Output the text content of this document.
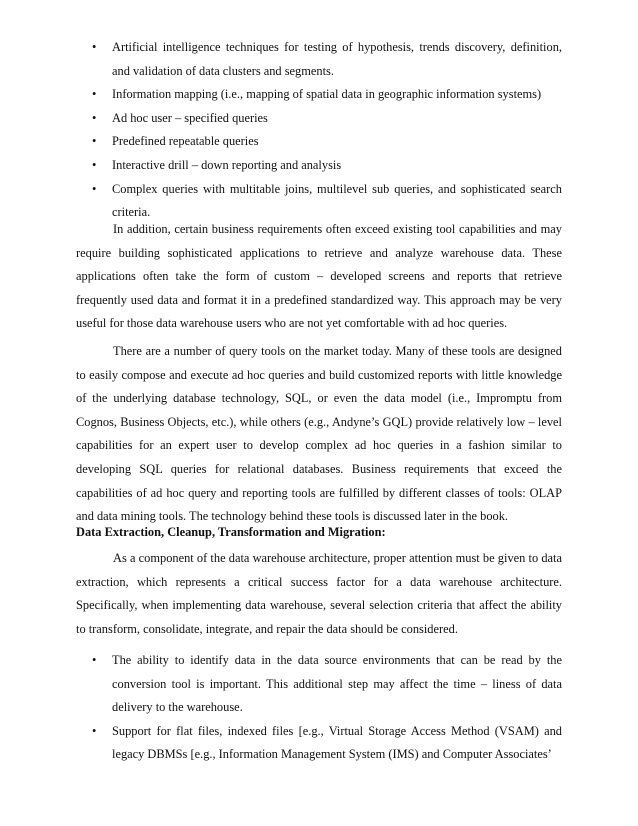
• Artificial intelligence techniques for testing of hypothesis, trends discovery, definition, and validation of data clusters and segments.
• Information mapping (i.e., mapping of spatial data in geographic information systems)
• Ad hoc user – specified queries
• Predefined repeatable queries
• Interactive drill – down reporting and analysis
• Complex queries with multitable joins, multilevel sub queries, and sophisticated search criteria.

In addition, certain business requirements often exceed existing tool capabilities and may require building sophisticated applications to retrieve and analyze warehouse data. These applications often take the form of custom – developed screens and reports that retrieve frequently used data and format it in a predefined standardized way. This approach may be very useful for those data warehouse users who are not yet comfortable with ad hoc queries.

There are a number of query tools on the market today. Many of these tools are designed to easily compose and execute ad hoc queries and build customized reports with little knowledge of the underlying database technology, SQL, or even the data model (i.e., Impromptu from Cognos, Business Objects, etc.), while others (e.g., Andyne’s GQL) provide relatively low – level capabilities for an expert user to develop complex ad hoc queries in a fashion similar to developing SQL queries for relational databases. Business requirements that exceed the capabilities of ad hoc query and reporting tools are fulfilled by different classes of tools: OLAP and data mining tools. The technology behind these tools is discussed later in the book.

Data Extraction, Cleanup, Transformation and Migration:

As a component of the data warehouse architecture, proper attention must be given to data extraction, which represents a critical success factor for a data warehouse architecture. Specifically, when implementing data warehouse, several selection criteria that affect the ability to transform, consolidate, integrate, and repair the data should be considered.

• The ability to identify data in the data source environments that can be read by the conversion tool is important. This additional step may affect the time – liness of data delivery to the warehouse.
• Support for flat files, indexed files [e.g., Virtual Storage Access Method (VSAM) and legacy DBMSs [e.g., Information Management System (IMS) and Computer Associates’
